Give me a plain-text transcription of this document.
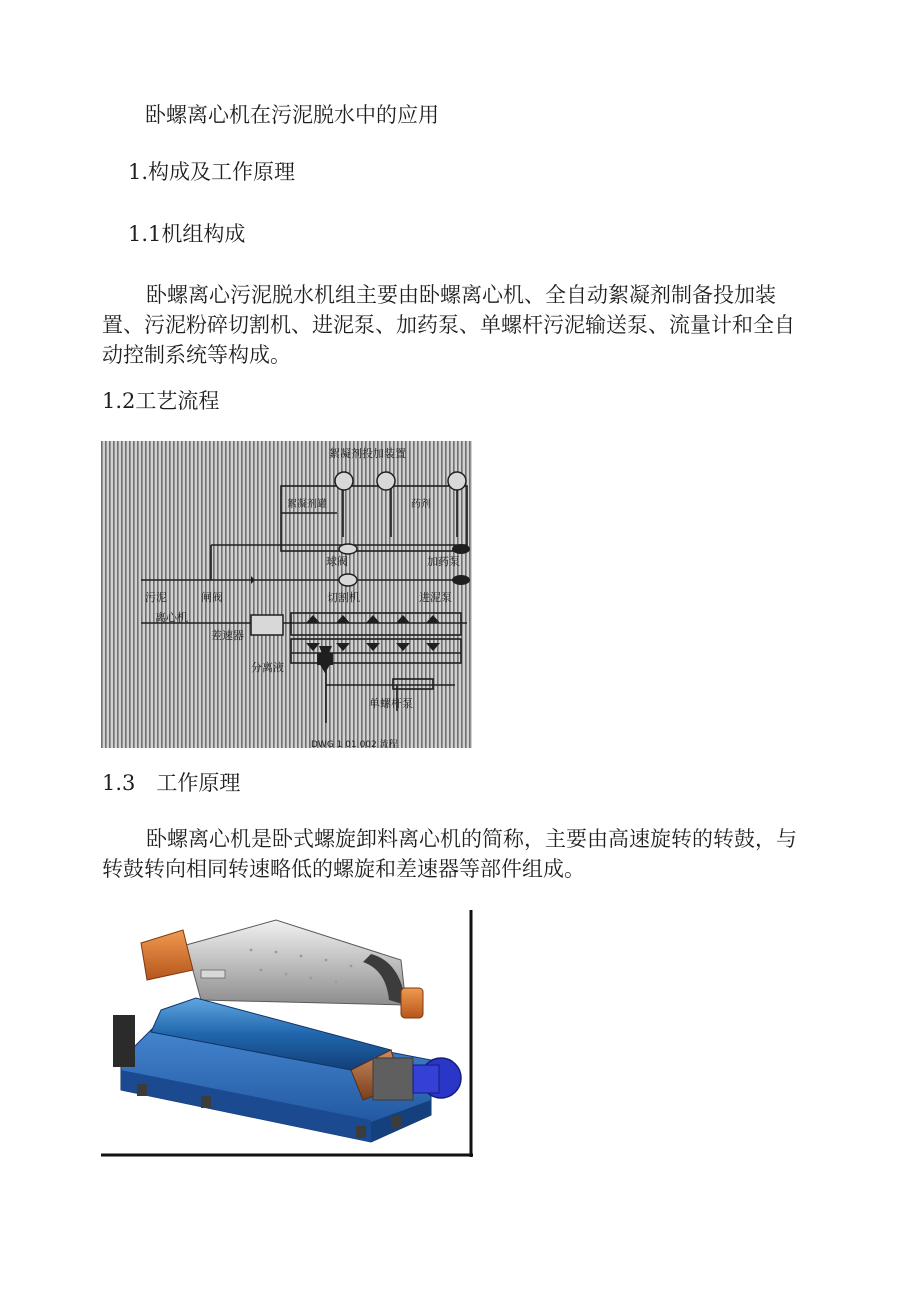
卧螺离心机在污泥脱水中的应用
1.构成及工作原理
1.1机组构成
卧螺离心污泥脱水机组主要由卧螺离心机、全自动絮凝剂制备投加装置、污泥粉碎切割机、进泥泵、加药泵、单螺杆污泥输送泵、流量计和全自动控制系统等构成。
1.2工艺流程
絮凝剂投加装置
絮凝剂罐	药剂
球阀	加药泵
污泥	闸阀	切割机	进泥泵
离心机
差速器
分离液
单螺杆泵
DWG 1 01 002 流程
1.3　工作原理
卧螺离心机是卧式螺旋卸料离心机的简称，主要由高速旋转的转鼓，与转鼓转向相同转速略低的螺旋和差速器等部件组成。
